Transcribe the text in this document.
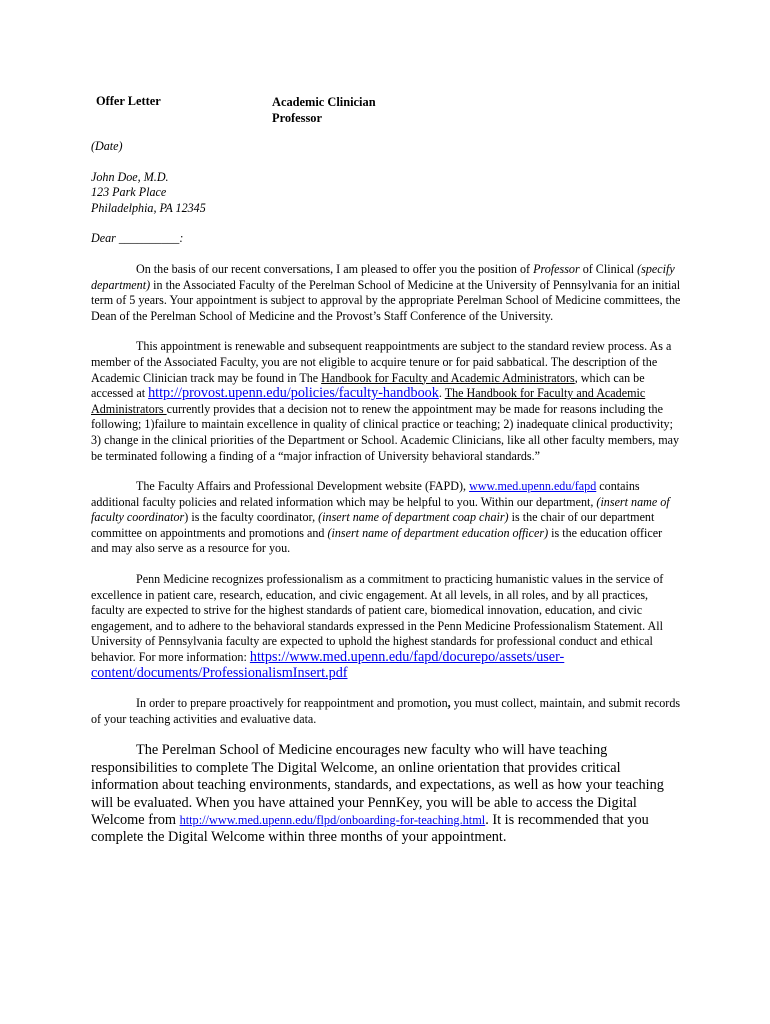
Offer Letter	Academic Clinician
Professor

(Date)

John Doe, M.D.
123 Park Place
Philadelphia, PA 12345

Dear __________:

On the basis of our recent conversations, I am pleased to offer you the position of Professor of Clinical (specify department) in the Associated Faculty of the Perelman School of Medicine at the University of Pennsylvania for an initial term of 5 years. Your appointment is subject to approval by the appropriate Perelman School of Medicine committees, the Dean of the Perelman School of Medicine and the Provost’s Staff Conference of the University.

This appointment is renewable and subsequent reappointments are subject to the standard review process. As a member of the Associated Faculty, you are not eligible to acquire tenure or for paid sabbatical. The description of the Academic Clinician track may be found in The Handbook for Faculty and Academic Administrators, which can be accessed at http://provost.upenn.edu/policies/faculty-handbook. The Handbook for Faculty and Academic Administrators currently provides that a decision not to renew the appointment may be made for reasons including the following; 1)failure to maintain excellence in quality of clinical practice or teaching; 2) inadequate clinical productivity; 3) change in the clinical priorities of the Department or School. Academic Clinicians, like all other faculty members, may be terminated following a finding of a “major infraction of University behavioral standards.”

The Faculty Affairs and Professional Development website (FAPD), www.med.upenn.edu/fapd contains additional faculty policies and related information which may be helpful to you. Within our department, (insert name of faculty coordinator) is the faculty coordinator, (insert name of department coap chair) is the chair of our department committee on appointments and promotions and (insert name of department education officer) is the education officer and may also serve as a resource for you.

Penn Medicine recognizes professionalism as a commitment to practicing humanistic values in the service of excellence in patient care, research, education, and civic engagement. At all levels, in all roles, and by all practices, faculty are expected to strive for the highest standards of patient care, biomedical innovation, education, and civic engagement, and to adhere to the behavioral standards expressed in the Penn Medicine Professionalism Statement. All University of Pennsylvania faculty are expected to uphold the highest standards for professional conduct and ethical behavior. For more information: https://www.med.upenn.edu/fapd/docurepo/assets/user-content/documents/ProfessionalismInsert.pdf

In order to prepare proactively for reappointment and promotion, you must collect, maintain, and submit records of your teaching activities and evaluative data.

The Perelman School of Medicine encourages new faculty who will have teaching responsibilities to complete The Digital Welcome, an online orientation that provides critical information about teaching environments, standards, and expectations, as well as how your teaching will be evaluated. When you have attained your PennKey, you will be able to access the Digital Welcome from http://www.med.upenn.edu/flpd/onboarding-for-teaching.html. It is recommended that you complete the Digital Welcome within three months of your appointment.
